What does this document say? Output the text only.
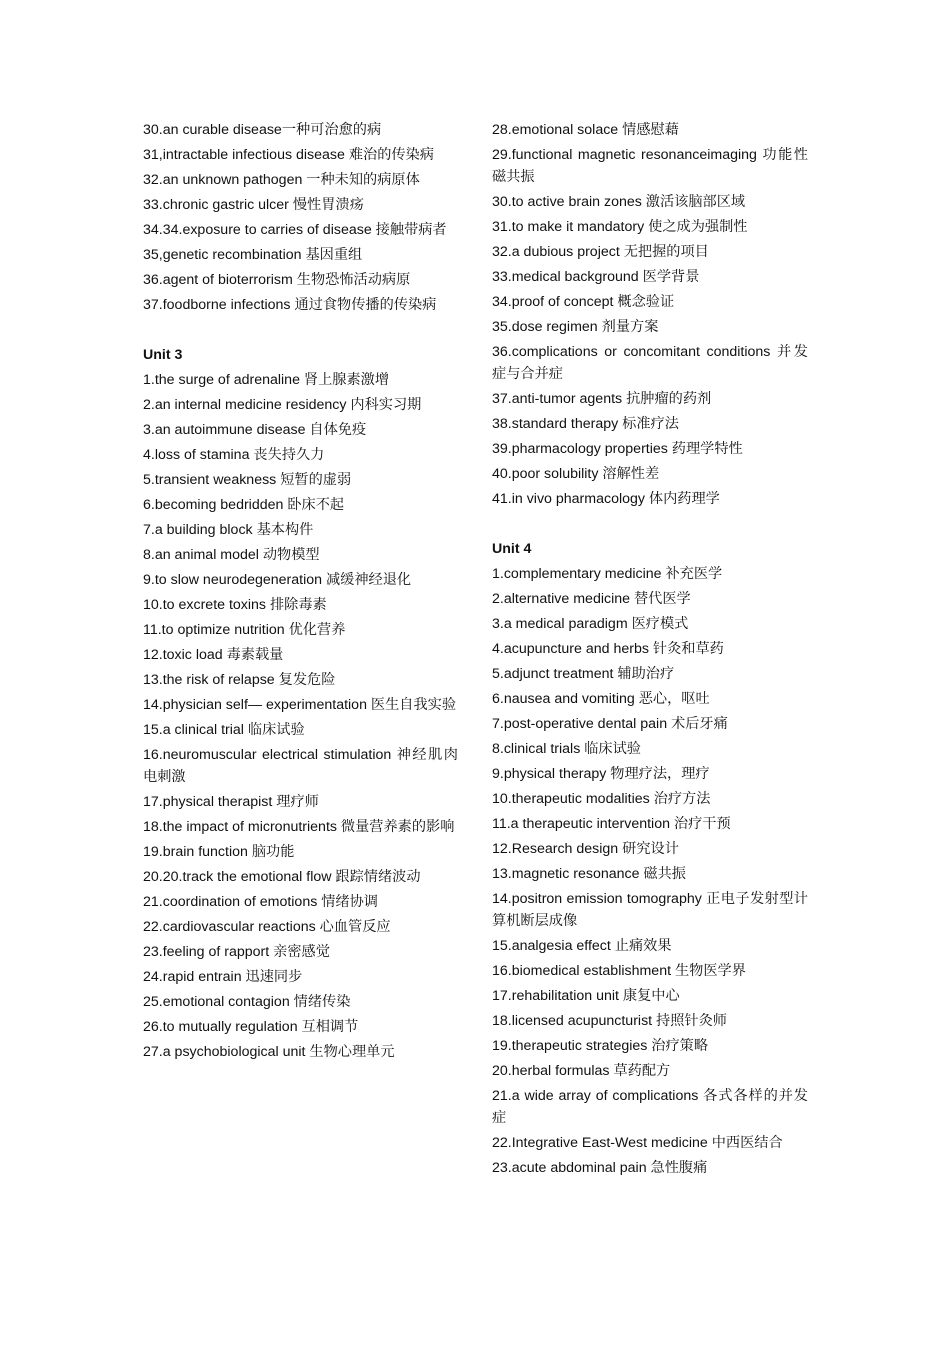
30.an curable disease一种可治愈的病

31,intractable infectious disease 难治的传染病

32.an unknown pathogen 一种未知的病原体

33.chronic gastric ulcer 慢性胃溃疡

34.34.exposure to carries of disease 接触带病者

35,genetic recombination 基因重组

36.agent of bioterrorism 生物恐怖活动病原

37.foodborne infections 通过食物传播的传染病

Unit 3

1.the surge of adrenaline 肾上腺素激增

2.an internal medicine residency 内科实习期

3.an autoimmune disease 自体免疫

4.loss of stamina 丧失持久力

5.transient weakness 短暂的虚弱

6.becoming bedridden 卧床不起

7.a building block 基本构件

8.an animal model 动物模型

9.to slow neurodegeneration 减缓神经退化

10.to excrete toxins 排除毒素

11.to optimize nutrition 优化营养

12.toxic load 毒素载量

13.the risk of relapse 复发危险

14.physician self— experimentation 医生自我实验

15.a clinical trial 临床试验

16.neuromuscular electrical stimulation 神经肌肉电刺激

17.physical therapist 理疗师

18.the impact of micronutrients 微量营养素的影响

19.brain function 脑功能

20.20.track the emotional flow 跟踪情绪波动

21.coordination of emotions 情绪协调

22.cardiovascular reactions 心血管反应

23.feeling of rapport 亲密感觉

24.rapid entrain 迅速同步

25.emotional contagion 情绪传染

26.to mutually regulation 互相调节

27.a psychobiological unit 生物心理单元

28.emotional solace 情感慰藉

29.functional magnetic resonanceimaging 功能性磁共振

30.to active brain zones 激活该脑部区域

31.to make it mandatory 使之成为强制性

32.a dubious project 无把握的项目

33.medical background 医学背景

34.proof of concept 概念验证

35.dose regimen 剂量方案

36.complications or concomitant conditions 并发症与合并症

37.anti-tumor agents 抗肿瘤的药剂

38.standard therapy 标准疗法

39.pharmacology properties 药理学特性

40.poor solubility 溶解性差

41.in vivo pharmacology 体内药理学

Unit 4

1.complementary medicine 补充医学

2.alternative medicine 替代医学

3.a medical paradigm 医疗模式

4.acupuncture and herbs 针灸和草药

5.adjunct treatment 辅助治疗

6.nausea and vomiting 恶心，呕吐

7.post-operative dental pain 术后牙痛

8.clinical trials 临床试验

9.physical therapy 物理疗法，理疗

10.therapeutic modalities 治疗方法

11.a therapeutic intervention 治疗干预

12.Research design 研究设计

13.magnetic resonance 磁共振

14.positron emission tomography 正电子发射型计算机断层成像

15.analgesia effect 止痛效果

16.biomedical establishment 生物医学界

17.rehabilitation unit 康复中心

18.licensed acupuncturist 持照针灸师

19.therapeutic strategies 治疗策略

20.herbal formulas 草药配方

21.a wide array of complications 各式各样的并发症

22.Integrative East-West medicine 中西医结合

23.acute abdominal pain 急性腹痛
